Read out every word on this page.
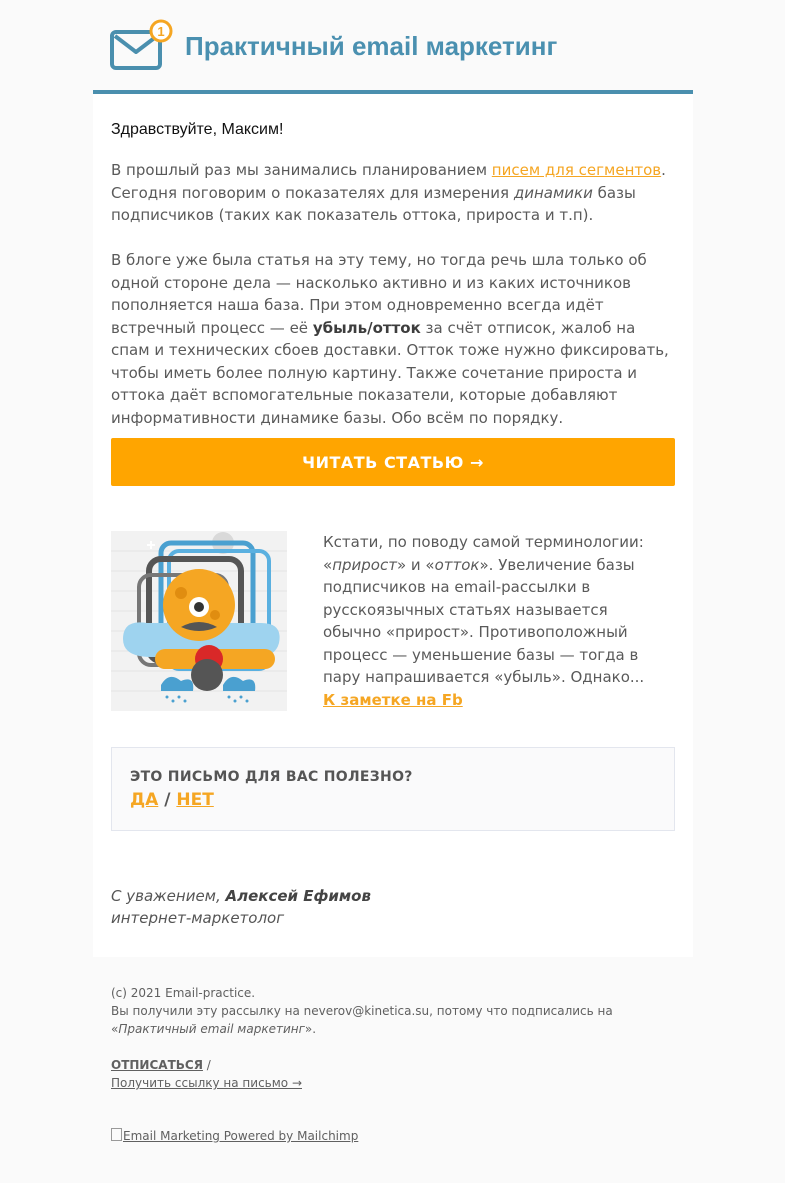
1 Практичный email маркетинг
Здравствуйте, Максим!

В прошлый раз мы занимались планированием писем для сегментов. Сегодня поговорим о показателях для измерения динамики базы подписчиков (таких как показатель оттока, прироста и т.п).

В блоге уже была статья на эту тему, но тогда речь шла только об одной стороне дела — насколько активно и из каких источников пополняется наша база. При этом одновременно всегда идёт встречный процесс — её убыль/отток за счёт отписок, жалоб на спам и технических сбоев доставки. Отток тоже нужно фиксировать, чтобы иметь более полную картину. Также сочетание прироста и оттока даёт вспомогательные показатели, которые добавляют информативности динамике базы. Обо всём по порядку.

ЧИТАТЬ СТАТЬЮ →

Кстати, по поводу самой терминологии: «прирост» и «отток». Увеличение базы подписчиков на email-рассылки в русскоязычных статьях называется обычно «прирост». Противоположный процесс — уменьшение базы — тогда в пару напрашивается «убыль». Однако...
К заметке на Fb

ЭТО ПИСЬМО ДЛЯ ВАС ПОЛЕЗНО?
ДА / НЕТ
С уважением, Алексей Ефимов
интернет-маркетолог
(c) 2021 Email-practice.
Вы получили эту рассылку на neverov@kinetica.su, потому что подписались на «Практичный email маркетинг».
ОТПИСАТЬСЯ /
Получить ссылку на письмо →
Email Marketing Powered by Mailchimp
